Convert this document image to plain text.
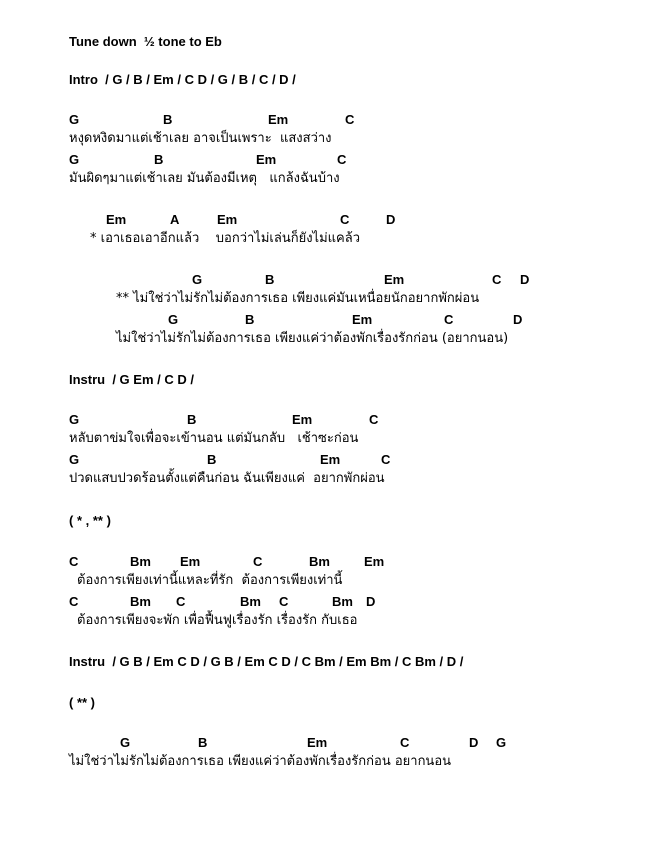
Tune down  ½ tone to Eb
Intro  / G / B / Em / C D / G / B / C / D /

G

	B

	Em

	C

หงุดหงิดมาแต่เช้าเลย อาจเป็นเพราะ  แสงสว่าง

G

	B

	Em

	C

มันผิดๆมาแต่เช้าเลย มันต้องมีเหตุ   แกล้งฉันบ้าง

Em

	A

	Em

	C

	D

* เอาเธอเอาอีกแล้ว    บอกว่าไม่เล่นก็ยังไม่แคล้ว

G

	B

	Em

	C

D

** ไม่ใช่ว่าไม่รักไม่ต้องการเธอ เพียงแค่มันเหนื่อยนักอยากพักผ่อน

G

	B

	Em

	C

	D

ไม่ใช่ว่าไม่รักไม่ต้องการเธอ เพียงแค่ว่าต้องพักเรื่องรักก่อน (อยากนอน)
Instru  / G Em / C D /

G

	B

	Em

	C

หลับตาข่มใจเพื่อจะเข้านอน แต่มันกลับ   เช้าซะก่อน

G

	B

	Em

	C

ปวดแสบปวดร้อนตั้งแต่คืนก่อน ฉันเพียงแค่  อยากพักผ่อน
( * , ** )

C

	Bm

Em

	C

	Bm

	Em

ต้องการเพียงเท่านี้แหละที่รัก  ต้องการเพียงเท่านี้

C

	Bm

C

	Bm

C

	Bm

D

ต้องการเพียงจะพัก เพื่อฟื้นฟูเรื่องรัก เรื่องรัก กับเธอ
Instru  / G B / Em C D / G B / Em C D / C Bm / Em Bm / C Bm / D /
( ** )

G

	B

	Em

	C

	D

G

ไม่ใช่ว่าไม่รักไม่ต้องการเธอ เพียงแค่ว่าต้องพักเรื่องรักก่อน อยากนอน
